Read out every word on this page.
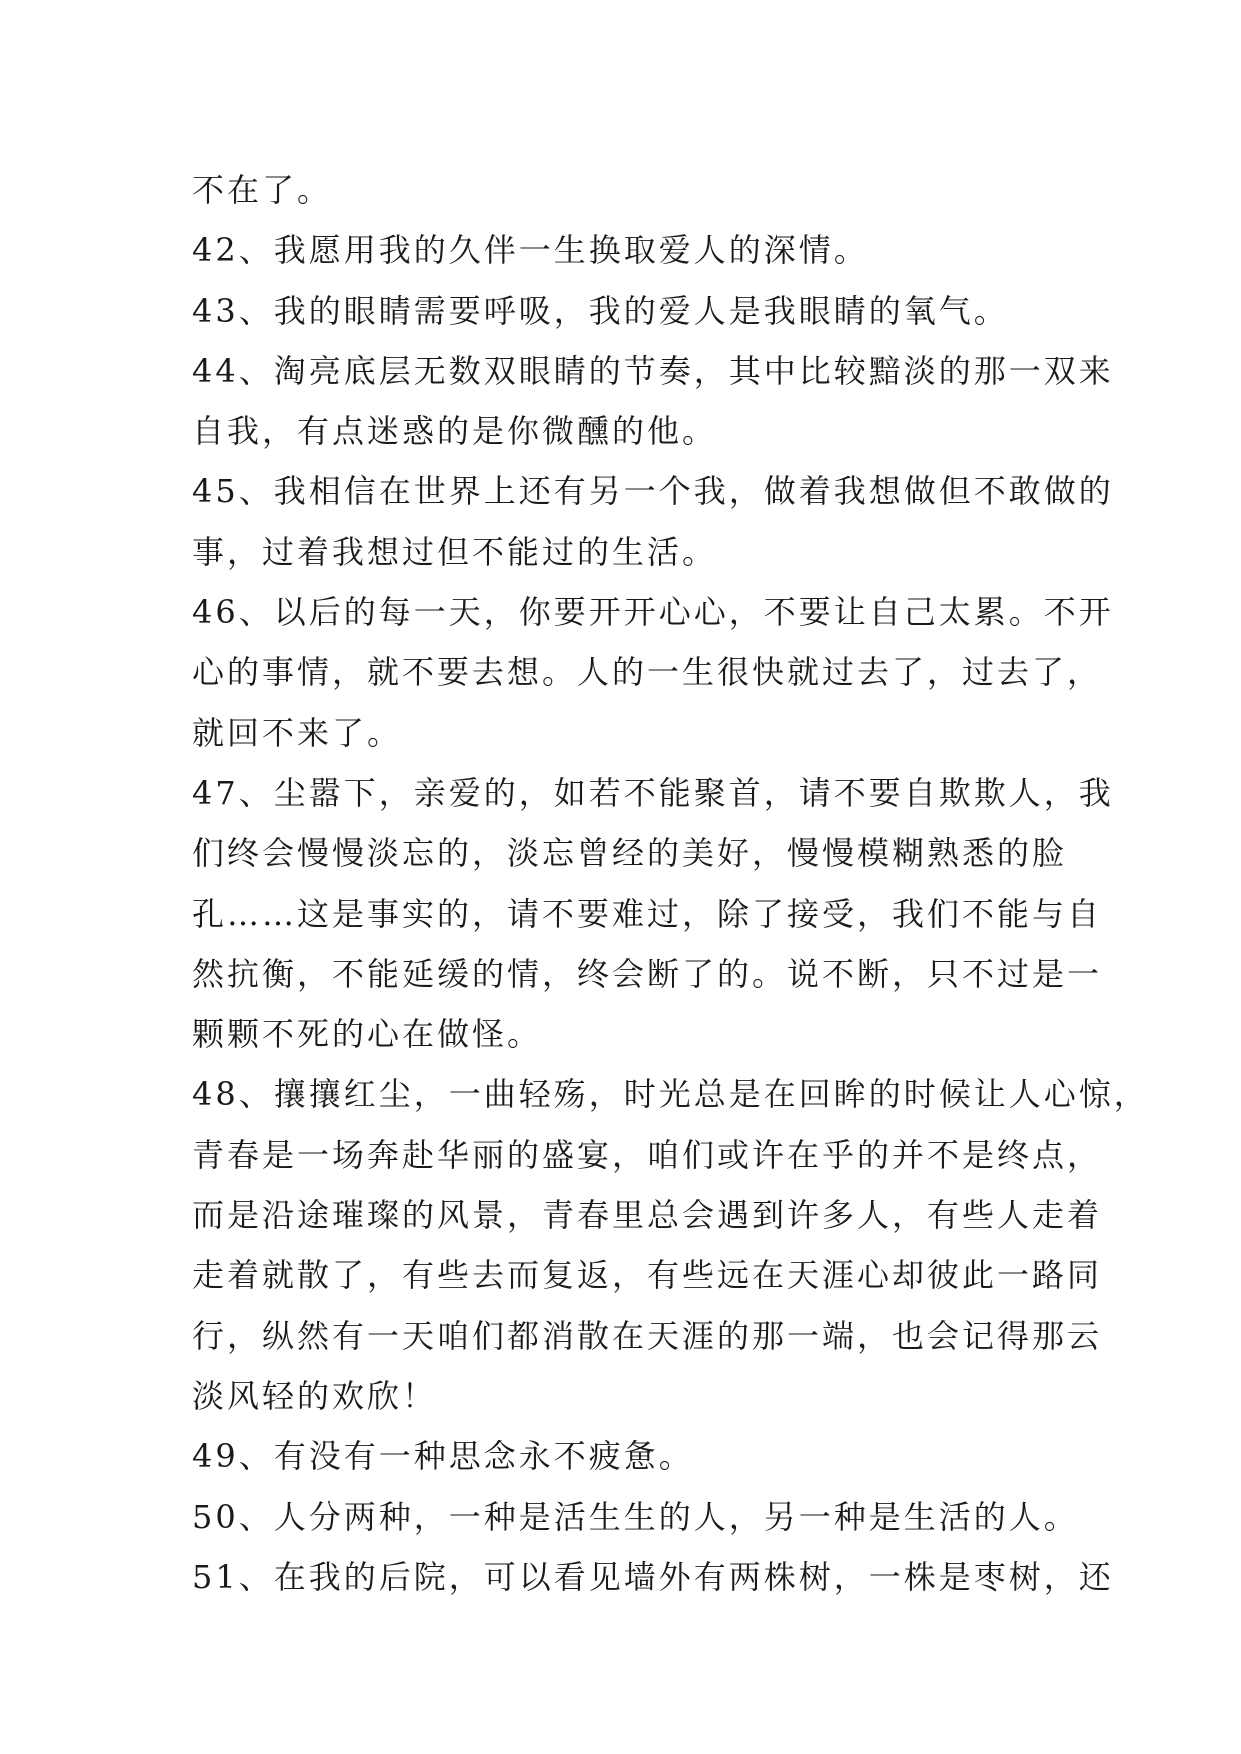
不在了。
42、我愿用我的久伴一生换取爱人的深情。
43、我的眼睛需要呼吸，我的爱人是我眼睛的氧气。
44、淘亮底层无数双眼睛的节奏，其中比较黯淡的那一双来
自我，有点迷惑的是你微醺的他。
45、我相信在世界上还有另一个我，做着我想做但不敢做的
事，过着我想过但不能过的生活。
46、以后的每一天，你要开开心心，不要让自己太累。不开
心的事情，就不要去想。人的一生很快就过去了，过去了，
就回不来了。
47、尘嚣下，亲爱的，如若不能聚首，请不要自欺欺人，我
们终会慢慢淡忘的，淡忘曾经的美好，慢慢模糊熟悉的脸
孔……这是事实的，请不要难过，除了接受，我们不能与自
然抗衡，不能延缓的情，终会断了的。说不断，只不过是一
颗颗不死的心在做怪。
48、攘攘红尘，一曲轻殇，时光总是在回眸的时候让人心惊，
青春是一场奔赴华丽的盛宴，咱们或许在乎的并不是终点，
而是沿途璀璨的风景，青春里总会遇到许多人，有些人走着
走着就散了，有些去而复返，有些远在天涯心却彼此一路同
行，纵然有一天咱们都消散在天涯的那一端，也会记得那云
淡风轻的欢欣！
49、有没有一种思念永不疲惫。
50、人分两种，一种是活生生的人，另一种是生活的人。
51、在我的后院，可以看见墙外有两株树，一株是枣树，还
